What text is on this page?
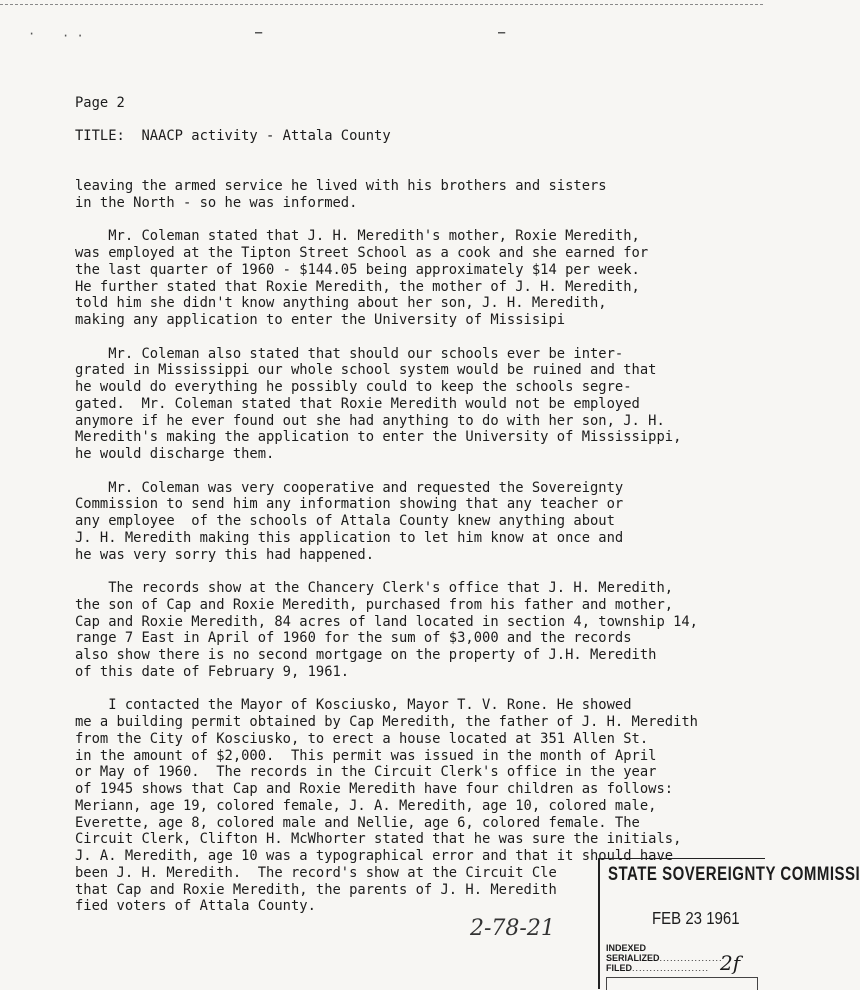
· · ·	—	—
Page 2
TITLE:  NAACP activity - Attala County
leaving the armed service he lived with his brothers and sisters
in the North - so he was informed.
Mr. Coleman stated that J. H. Meredith's mother, Roxie Meredith,
was employed at the Tipton Street School as a cook and she earned for
the last quarter of 1960 - $144.05 being approximately $14 per week.
He further stated that Roxie Meredith, the mother of J. H. Meredith,
told him she didn't know anything about her son, J. H. Meredith,
making any application to enter the University of Missisipi
Mr. Coleman also stated that should our schools ever be inter-
grated in Mississippi our whole school system would be ruined and that
he would do everything he possibly could to keep the schools segre-
gated.  Mr. Coleman stated that Roxie Meredith would not be employed
anymore if he ever found out she had anything to do with her son, J. H.
Meredith's making the application to enter the University of Mississippi,
he would discharge them.
Mr. Coleman was very cooperative and requested the Sovereignty
Commission to send him any information showing that any teacher or
any employee  of the schools of Attala County knew anything about
J. H. Meredith making this application to let him know at once and
he was very sorry this had happened.
The records show at the Chancery Clerk's office that J. H. Meredith,
the son of Cap and Roxie Meredith, purchased from his father and mother,
Cap and Roxie Meredith, 84 acres of land located in section 4, township 14,
range 7 East in April of 1960 for the sum of $3,000 and the records
also show there is no second mortgage on the property of J.H. Meredith
of this date of February 9, 1961.
I contacted the Mayor of Kosciusko, Mayor T. V. Rone. He showed
me a building permit obtained by Cap Meredith, the father of J. H. Meredith
from the City of Kosciusko, to erect a house located at 351 Allen St.
in the amount of $2,000.  This permit was issued in the month of April
or May of 1960.  The records in the Circuit Clerk's office in the year
of 1945 shows that Cap and Roxie Meredith have four children as follows:
Meriann, age 19, colored female, J. A. Meredith, age 10, colored male,
Everette, age 8, colored male and Nellie, age 6, colored female. The
Circuit Clerk, Clifton H. McWhorter stated that he was sure the initials,
J. A. Meredith, age 10 was a typographical error and that it should have
been J. H. Meredith.  The record's show at the Circuit Cle
that Cap and Roxie Meredith, the parents of J. H. Meredith
fied voters of Attala County.
2-78-21
STATE SOVEREIGNTY COMMISSI
FEB 23 1961
INDEXED
SERIALIZED..................
FILED...................... 2f
